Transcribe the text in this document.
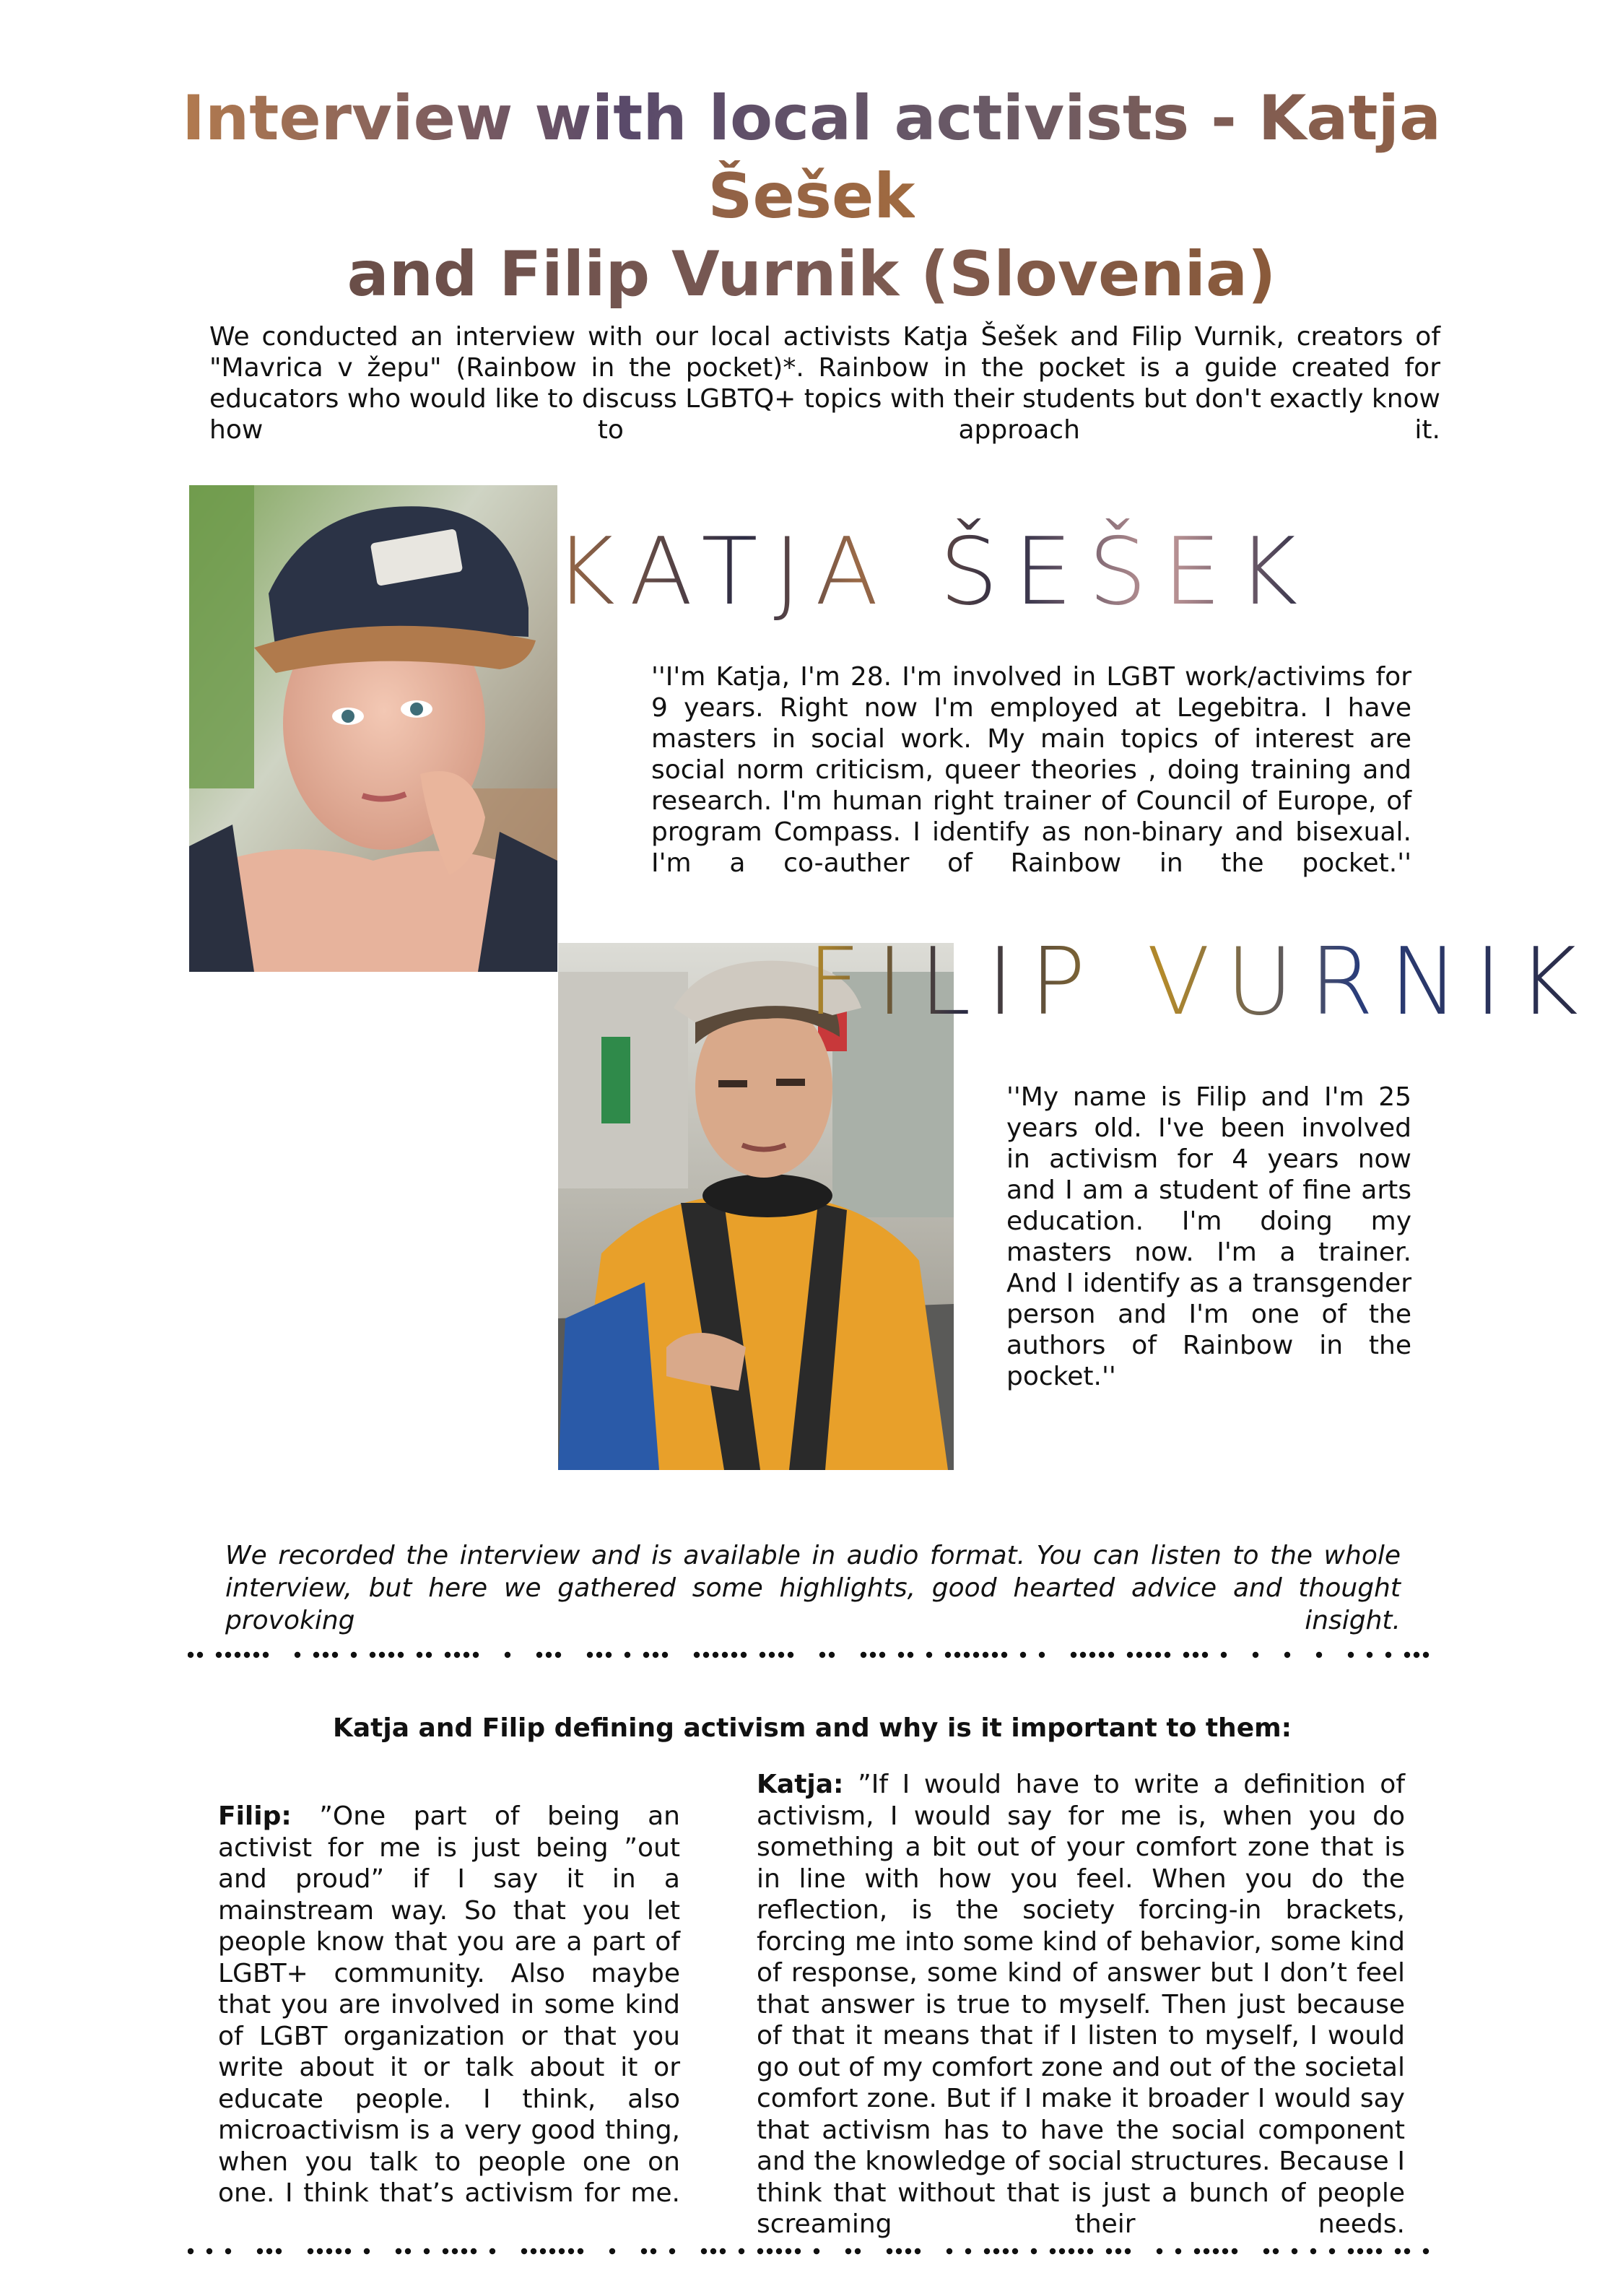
Interview with local activists - Katja Šešek
and Filip Vurnik (Slovenia)
We conducted an interview with our local activists Katja Šešek and Filip Vurnik, creators of "Mavrica v žepu" (Rainbow in the pocket)*. Rainbow in the pocket is a guide created for educators who would like to discuss LGBTQ+ topics with their students but don't exactly know how to approach it.
KATJA ŠEŠEK
''I'm Katja, I'm 28. I'm involved in LGBT work/activims for 9 years. Right now I'm employed at Legebitra. I have masters in social work. My main topics of interest are social norm criticism, queer theories , doing training and research. I'm human right trainer of Council of Europe, of program Compass. I identify as non-binary and bisexual. I'm a co-auther of Rainbow in the pocket.''
FILIP VURNIK
''My name is Filip and I'm 25 years old. I've been involved in activism for 4 years now and I am a student of fine arts education. I'm doing my masters now. I'm a trainer. And I identify as a transgender person and I'm one of the authors of Rainbow in the pocket.''
We recorded the interview and is available in audio format. You can listen to the whole interview, but here we gathered some highlights, good hearted advice and thought provoking insight.
Katja and Filip defining activism and why is it important to them:
Filip: ”One part of being an activist for me is just being ”out and proud” if I say it in a mainstream way. So that you let people know that you are a part of LGBT+ community. Also maybe that you are involved in some kind of LGBT organization or that you write about it or talk about it or educate people. I think, also microactivism is a very good thing, when you talk to people one on one. I think that’s activism for me.
Katja: ”If I would have to write a definition of activism, I would say for me is, when you do something a bit out of your comfort zone that is in line with how you feel. When you do the reflection, is the society forcing-in brackets, forcing me into some kind of behavior, some kind of response, some kind of answer but I don’t feel that answer is true to myself. Then just because of that it means that if I listen to myself, I would go out of my comfort zone and out of the societal comfort zone. But if I make it broader I would say that activism has to have the social component and the knowledge of social structures. Because I think that without that is just a bunch of people screaming their needs.
